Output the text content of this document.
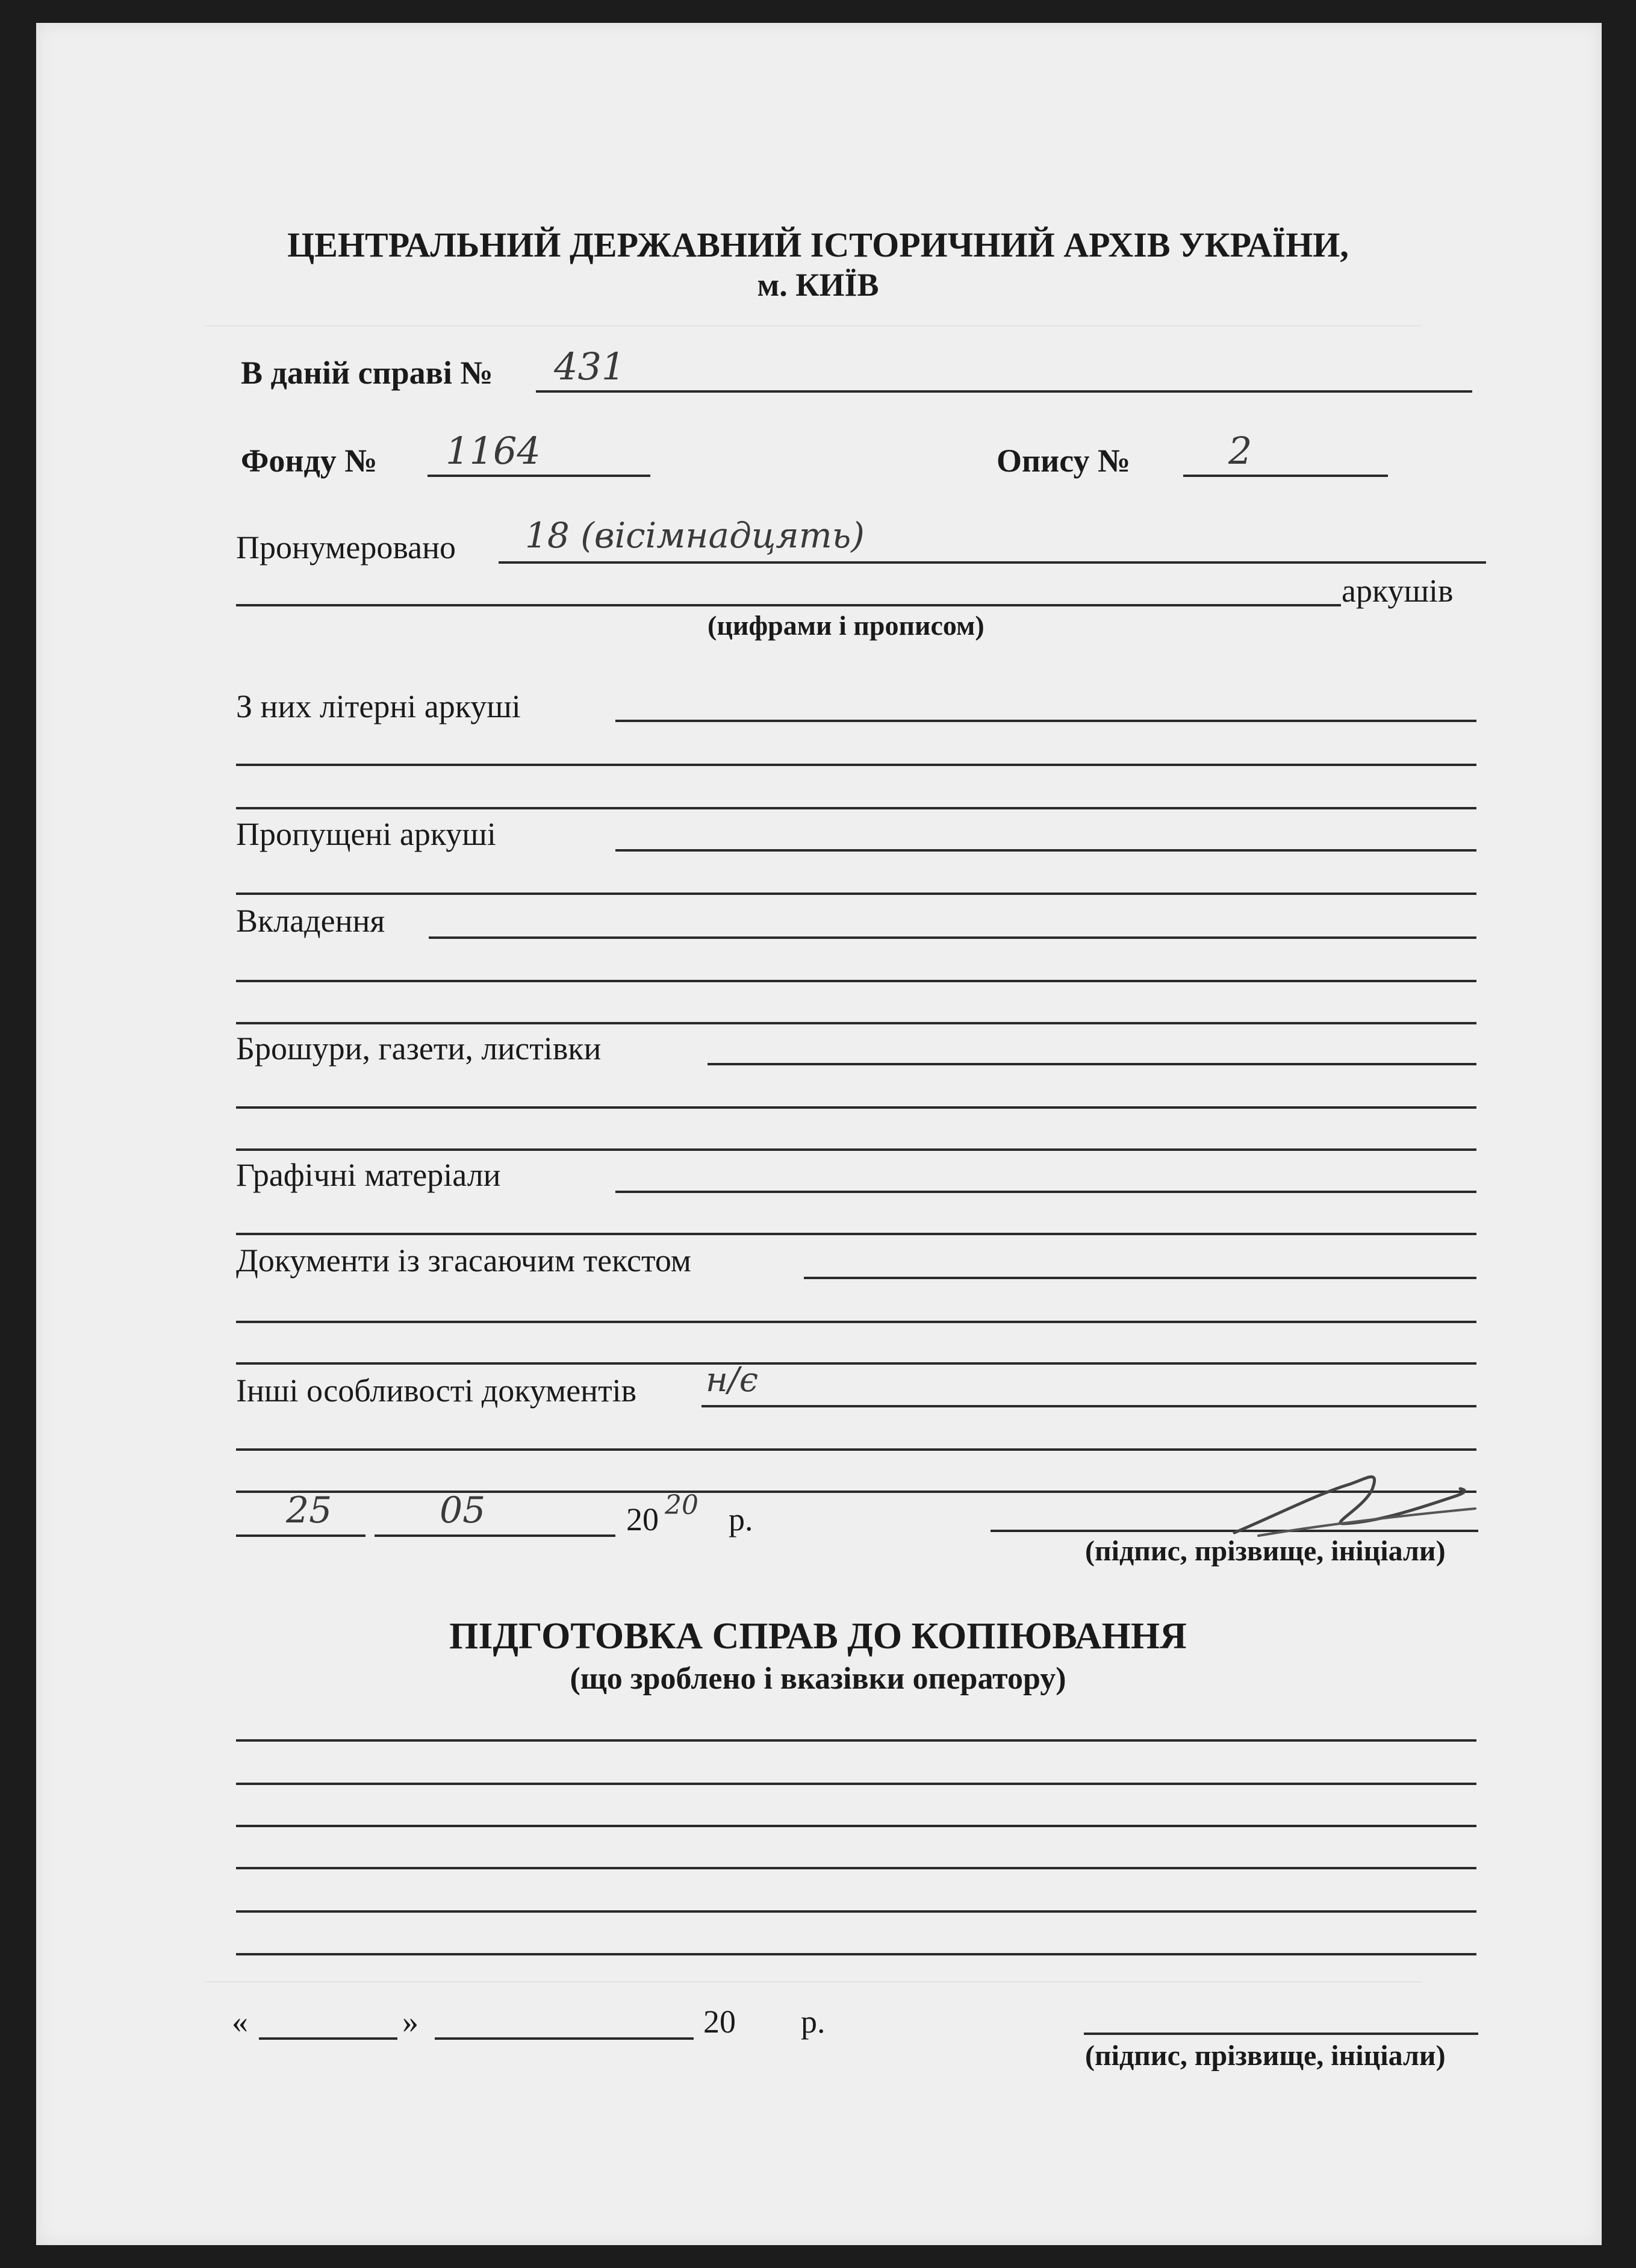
ЦЕНТРАЛЬНИЙ ДЕРЖАВНИЙ ІСТОРИЧНИЙ АРХІВ УКРАЇНИ,
м. КИЇВ
В даній справі № 431
Фонду № 1164	Опису №	2
Пронумеровано 18 (вісімнадцять)
аркушів
(цифрами і прописом)
З них літерні аркуші
Пропущені аркуші
Вкладення
Брошури, газети, листівки
Графічні матеріали
Документи із згасаючим текстом
Інші особливості документів н/є
25	05	20 20 р.
(підпис, прізвище, ініціали)
ПІДГОТОВКА СПРАВ ДО КОПІЮВАННЯ
(що зроблено і вказівки оператору)
«	»	20 р.
(підпис, прізвище, ініціали)
